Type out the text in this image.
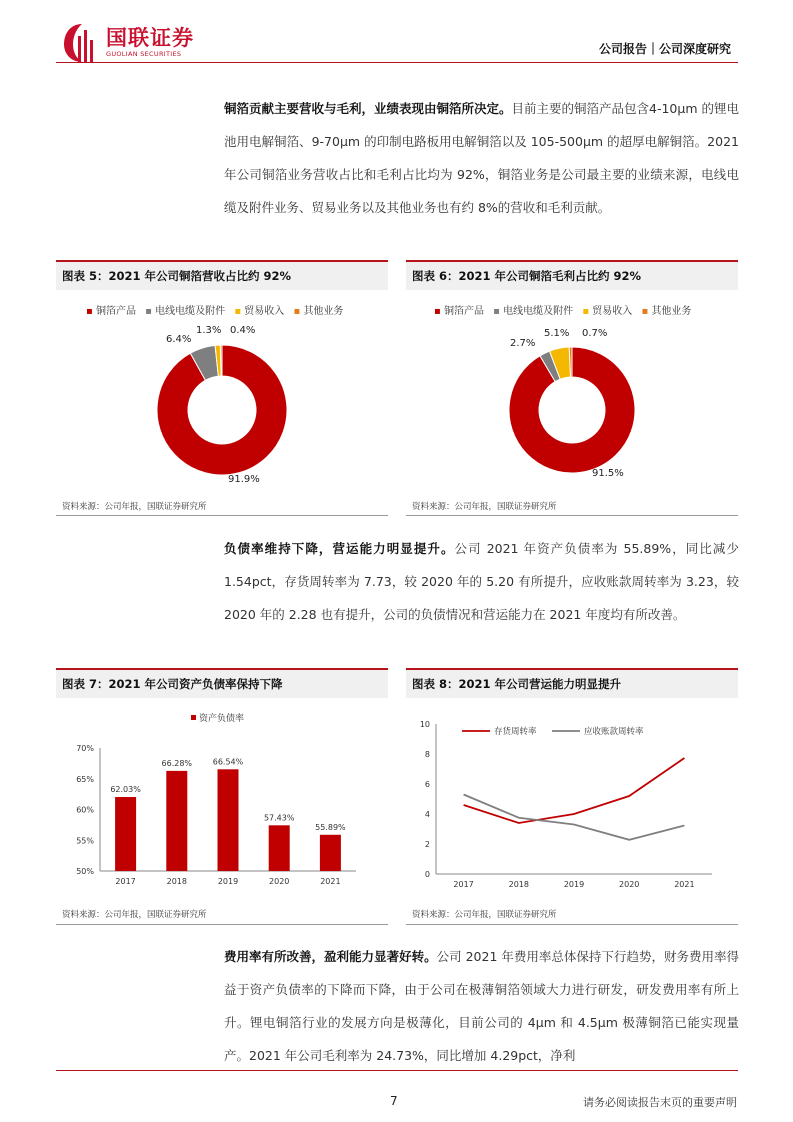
国联证券
GUOLIAN SECURITIES	公司报告｜公司深度研究
铜箔贡献主要营收与毛利，业绩表现由铜箔所决定。目前主要的铜箔产品包含4-10μm 的锂电池用电解铜箔、9-70μm 的印制电路板用电解铜箔以及 105-500μm 的超厚电解铜箔。2021 年公司铜箔业务营收占比和毛利占比均为 92%，铜箔业务是公司最主要的业绩来源，电线电缆及附件业务、贸易业务以及其他业务也有约 8%的营收和毛利贡献。
图表 5：2021 年公司铜箔营收占比约 92%
▪ 铜箔产品 ▪ 电线电缆及附件 ▪ 贸易收入 ▪ 其他业务
91.9%
6.4%
1.3% 0.4%
资料来源：公司年报，国联证券研究所
图表 6：2021 年公司铜箔毛利占比约 92%
▪ 铜箔产品 ▪ 电线电缆及附件 ▪ 贸易收入 ▪ 其他业务
91.5%
2.7%
5.1% 0.7%
资料来源：公司年报，国联证券研究所
负债率维持下降，营运能力明显提升。公司 2021 年资产负债率为 55.89%，同比减少 1.54pct，存货周转率为 7.73，较 2020 年的 5.20 有所提升，应收账款周转率为 3.23，较 2020 年的 2.28 也有提升，公司的负债情况和营运能力在 2021 年度均有所改善。
图表 7：2021 年公司资产负债率保持下降
资产负债率
70%
65%
60%
55%
50%
62.03%
2017
66.28%
2018
66.54%
2019
57.43%
2020
55.89%
2021
资料来源：公司年报，国联证券研究所
图表 8：2021 年公司营运能力明显提升
10
8
6
4
2
0
2017	2018	2019	2020	2021
存货周转率	应收账款周转率
资料来源：公司年报，国联证券研究所
费用率有所改善，盈利能力显著好转。公司 2021 年费用率总体保持下行趋势，财务费用率得益于资产负债率的下降而下降，由于公司在极薄铜箔领域大力进行研发，研发费用率有所上升。锂电铜箔行业的发展方向是极薄化，目前公司的 4μm 和 4.5μm 极薄铜箔已能实现量产。2021 年公司毛利率为 24.73%，同比增加 4.29pct，净利
7	请务必阅读报告末页的重要声明
